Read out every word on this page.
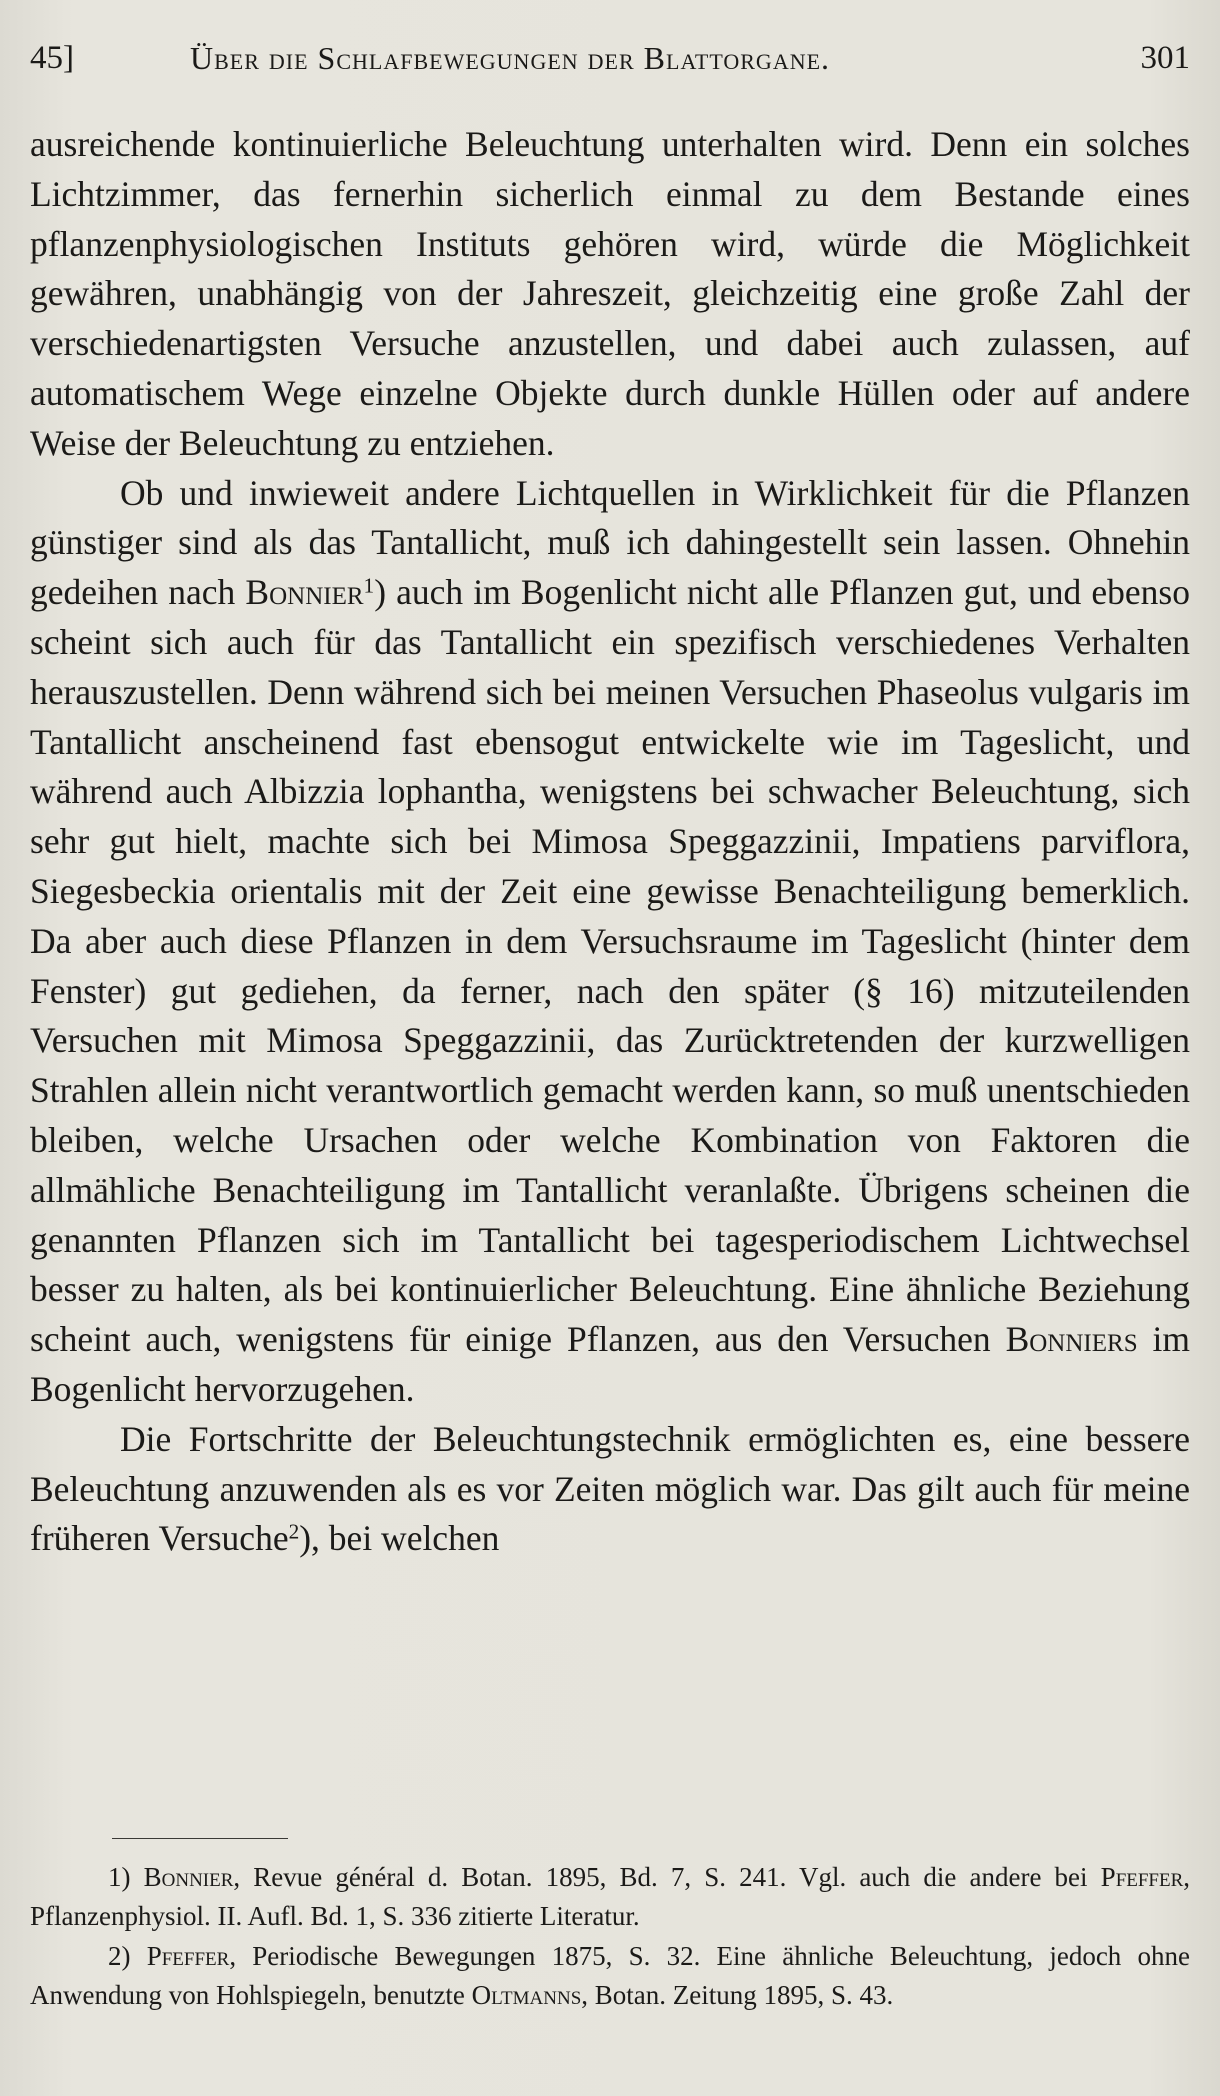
45]	Über die Schlafbewegungen der Blattorgane.	301

ausreichende kontinuierliche Beleuchtung unterhalten wird. Denn ein solches Lichtzimmer, das fernerhin sicherlich einmal zu dem Bestande eines pflanzenphysiologischen Instituts gehören wird, würde die Möglichkeit gewähren, unabhängig von der Jahreszeit, gleichzeitig eine große Zahl der verschiedenartigsten Versuche anzustellen, und dabei auch zulassen, auf automatischem Wege einzelne Objekte durch dunkle Hüllen oder auf andere Weise der Beleuchtung zu entziehen.

Ob und inwieweit andere Lichtquellen in Wirklichkeit für die Pflanzen günstiger sind als das Tantallicht, muß ich dahingestellt sein lassen. Ohnehin gedeihen nach Bonnier$^1$) auch im Bogenlicht nicht alle Pflanzen gut, und ebenso scheint sich auch für das Tantallicht ein spezifisch verschiedenes Verhalten herauszustellen. Denn während sich bei meinen Versuchen Phaseolus vulgaris im Tantallicht anscheinend fast ebensogut entwickelte wie im Tageslicht, und während auch Albizzia lophantha, wenigstens bei schwacher Beleuchtung, sich sehr gut hielt, machte sich bei Mimosa Speggazzinii, Impatiens parviflora, Siegesbeckia orientalis mit der Zeit eine gewisse Benachteiligung bemerklich. Da aber auch diese Pflanzen in dem Versuchsraume im Tageslicht (hinter dem Fenster) gut gediehen, da ferner, nach den später (§ 16) mitzuteilenden Versuchen mit Mimosa Speggazzinii, das Zurücktretenden der kurzwelligen Strahlen allein nicht verantwortlich gemacht werden kann, so muß unentschieden bleiben, welche Ursachen oder welche Kombination von Faktoren die allmähliche Benachteiligung im Tantallicht veranlaßte. Übrigens scheinen die genannten Pflanzen sich im Tantallicht bei tagesperiodischem Lichtwechsel besser zu halten, als bei kontinuierlicher Beleuchtung. Eine ähnliche Beziehung scheint auch, wenigstens für einige Pflanzen, aus den Versuchen Bonniers im Bogenlicht hervorzugehen.

Die Fortschritte der Beleuchtungstechnik ermöglichten es, eine bessere Beleuchtung anzuwenden als es vor Zeiten möglich war. Das gilt auch für meine früheren Versuche$^2$), bei welchen

1) Bonnier, Revue général d. Botan. 1895, Bd. 7, S. 241. Vgl. auch die andere bei Pfeffer, Pflanzenphysiol. II. Aufl. Bd. 1, S. 336 zitierte Literatur.

2) Pfeffer, Periodische Bewegungen 1875, S. 32. Eine ähnliche Beleuchtung, jedoch ohne Anwendung von Hohlspiegeln, benutzte Oltmanns, Botan. Zeitung 1895, S. 43.
